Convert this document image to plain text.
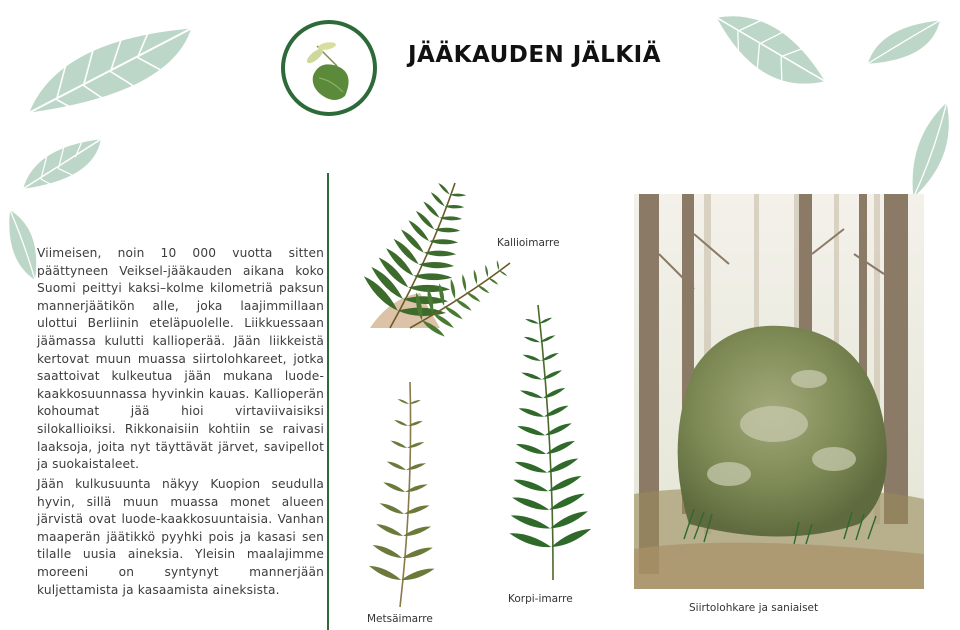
JÄÄKAUDEN JÄLKIÄ
Viimeisen, noin 10 000 vuotta sitten päättyneen Veiksel-jääkauden aikana koko Suomi peittyi kaksi–kolme kilometriä paksun mannerjäätikön alle, joka laajimmillaan ulottui Berliinin eteläpuolelle. Liikkuessaan jäämassa kulutti kallioperää. Jään liikkeistä kertovat muun muassa siirtolohkareet, jotka saattoivat kulkeutua jään mukana luode-kaakkosuunnassa hyvinkin kauas. Kallioperän kohoumat jää hioi virtaviivaisiksi silokallioiksi. Rikkonaisiin kohtiin se raivasi laaksoja, joita nyt täyttävät järvet, savipellot ja suokaistaleet.
Jään kulkusuunta näkyy Kuopion seudulla hyvin, sillä muun muassa monet alueen järvistä ovat luode-kaakkosuuntaisia. Vanhan maaperän jäätikkö pyyhki pois ja kasasi sen tilalle uusia aineksia. Yleisin maalajimme moreeni on syntynyt mannerjään kuljettamista ja kasaamista aineksista.
Kallioimarre
Metsäimarre
Korpi-imarre
Siirtolohkare ja saniaiset
